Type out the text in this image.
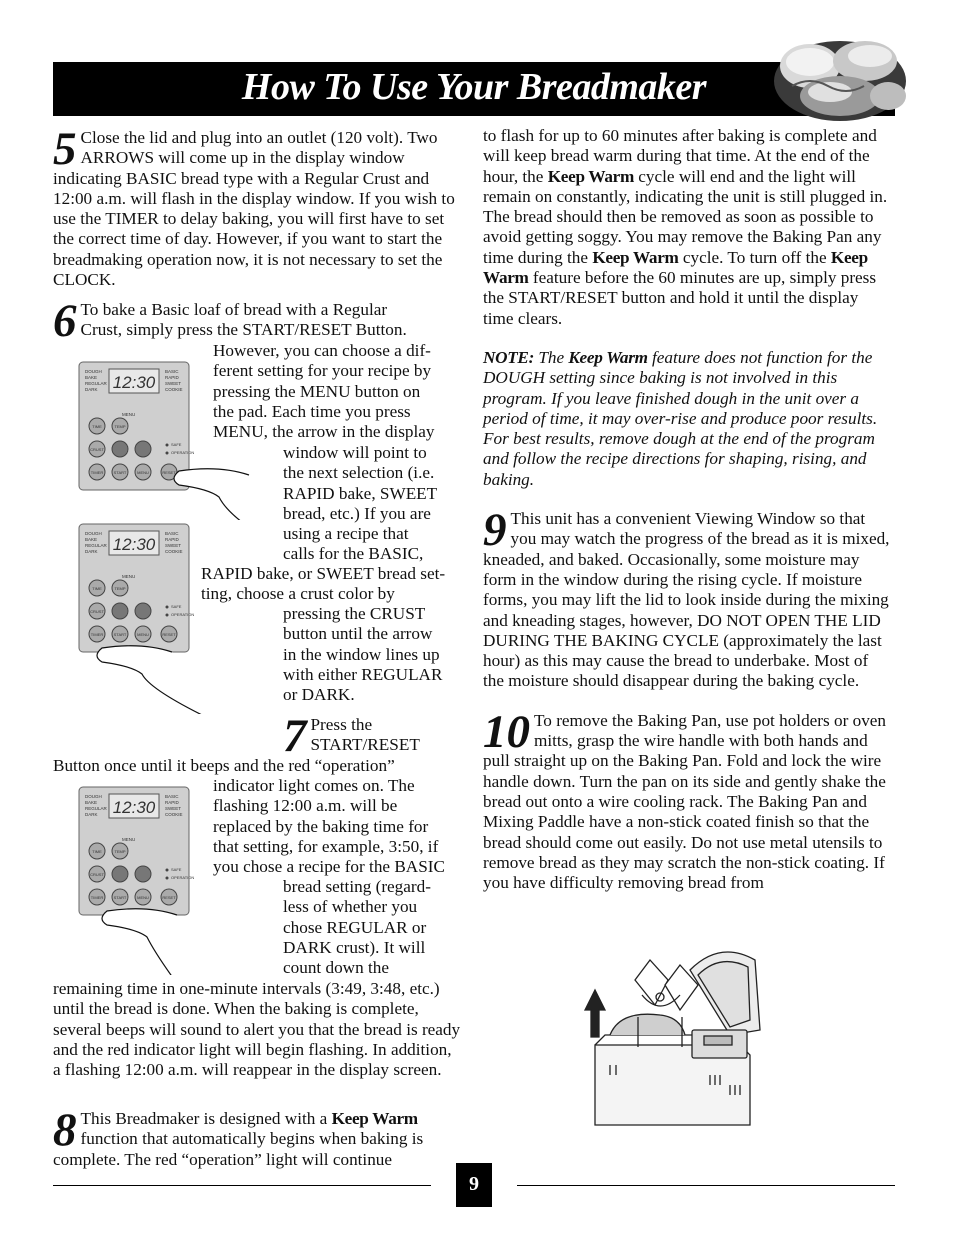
How To Use Your Breadmaker

5 Close the lid and plug into an outlet (120 volt). Two ARROWS will come up in the display window indicating BASIC bread type with a Regular Crust and 12:00 a.m. will flash in the display window. If you wish to use the TIMER to delay baking, you will first have to set the correct time of day. However, if you want to start the breadmaking operation now, it is not necessary to set the CLOCK.

6 To bake a Basic loaf of bread with a Regular
Crust, simply press the START/RESET Button.
However, you can choose a dif-
ferent setting for your recipe by
pressing the MENU button on
the pad. Each time you press
MENU, the arrow in the display
window will point to
the next selection (i.e.
RAPID bake, SWEET
bread, etc.) If you are
using a recipe that
calls for the BASIC,
RAPID bake, or SWEET bread set-
ting, choose a crust color by
pressing the CRUST
button until the arrow
in the window lines up
with either REGULAR
or DARK.
7 Press the
START/RESET
Button once until it beeps and the red “operation”
indicator light comes on. The
flashing 12:00 a.m. will be
replaced by the baking time for
that setting, for example, 3:50, if
you chose a recipe for the BASIC
bread setting (regard-
less of whether you
chose REGULAR or
DARK crust). It will
count down the

remaining time in one-minute intervals (3:49, 3:48, etc.) until the bread is done. When the baking is complete, several beeps will sound to alert you that the bread is ready and the red indicator light will begin flashing. In addition, a flashing 12:00 a.m. will reappear in the display screen.

8 This Breadmaker is designed with a Keep Warm function that automatically begins when baking is complete. The red “operation” light will continue

12:30
DOUGH
BAKE
REGULAR
DARK
BASIC
RAPID
SWEET
COOKIE
MENU
TIME	TEMP
CRUST
TIMER	START	MENU	RESET
SAFE
OPERATION
12:30
DOUGH
BAKE
REGULAR
DARK
BASIC
RAPID
SWEET
COOKIE
MENU
TIME	TEMP
CRUST
TIMER	START	MENU	RESET
SAFE
OPERATION
12:30
DOUGH
BAKE
REGULAR
DARK
BASIC
RAPID
SWEET
COOKIE
MENU
TIME	TEMP
CRUST
TIMER	START	MENU	RESET
SAFE
OPERATION

to flash for up to 60 minutes after baking is complete and will keep bread warm during that time. At the end of the hour, the Keep Warm cycle will end and the light will remain on constantly, indicating the unit is still plugged in. The bread should then be removed as soon as possible to avoid getting soggy. You may remove the Baking Pan any time during the Keep Warm cycle. To turn off the Keep Warm feature before the 60 minutes are up, simply press the START/RESET button and hold it until the display time clears.

NOTE: The Keep Warm feature does not function for the DOUGH setting since baking is not involved in this program. If you leave finished dough in the unit over a period of time, it may over-rise and produce poor results. For best results, remove dough at the end of the program and follow the recipe directions for shaping, rising, and baking.

9 This unit has a convenient Viewing Window so that you may watch the progress of the bread as it is mixed, kneaded, and baked. Occasionally, some moisture may form in the window during the rising cycle. If moisture forms, you may lift the lid to look inside during the mixing and kneading stages, however, DO NOT OPEN THE LID DURING THE BAKING CYCLE (approximately the last hour) as this may cause the bread to underbake. Most of the moisture should disappear during the baking cycle.

10 To remove the Baking Pan, use pot holders or oven mitts, grasp the wire handle with both hands and pull straight up on the Baking Pan. Fold and lock the wire handle down. Turn the pan on its side and gently shake the bread out onto a wire cooling rack. The Baking Pan and Mixing Paddle have a non-stick coated finish so that the bread should come out easily. Do not use metal utensils to remove bread as they may scratch the non-stick coating. If you have difficulty removing bread from

9
